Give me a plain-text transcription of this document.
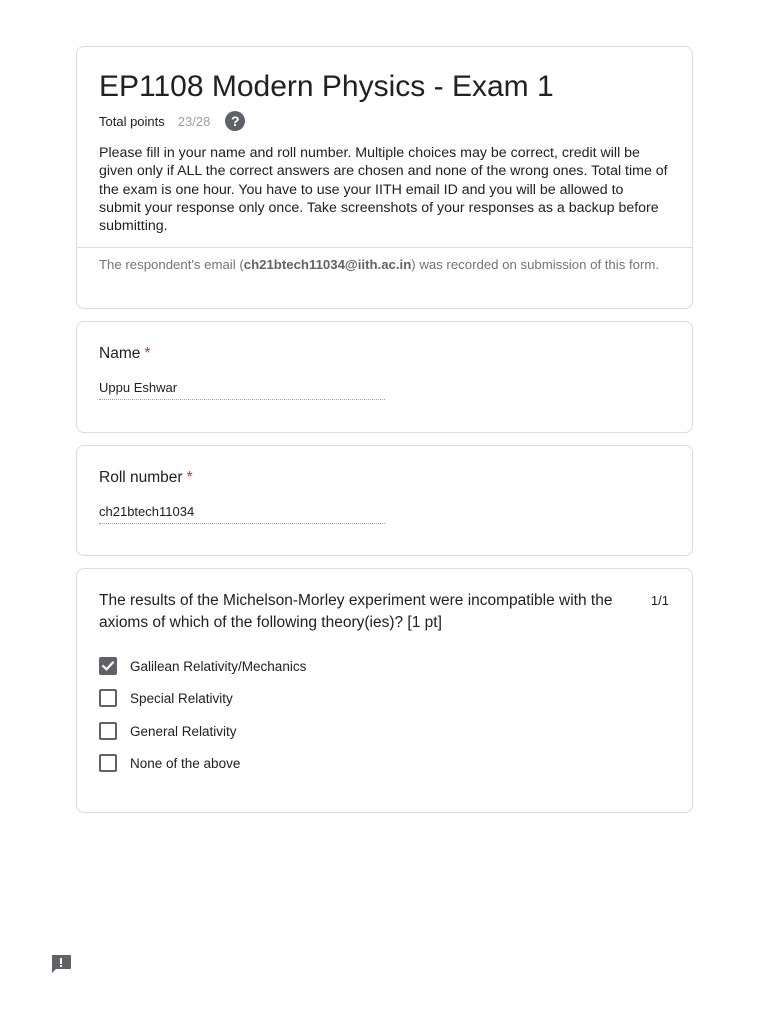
EP1108 Modern Physics - Exam 1
Total points 23/28	?
Please fill in your name and roll number. Multiple choices may be correct, credit will be given only if ALL the correct answers are chosen and none of the wrong ones. Total time of the exam is one hour. You have to use your IITH email ID and you will be allowed to submit your response only once. Take screenshots of your responses as a backup before submitting.
The respondent's email (ch21btech11034@iith.ac.in) was recorded on submission of this form.
Name *
Uppu Eshwar
Roll number *
ch21btech11034
The results of the Michelson-Morley experiment were incompatible with the axioms of which of the following theory(ies)? [1 pt]
1/1
Galilean Relativity/Mechanics
Special Relativity
General Relativity
None of the above
